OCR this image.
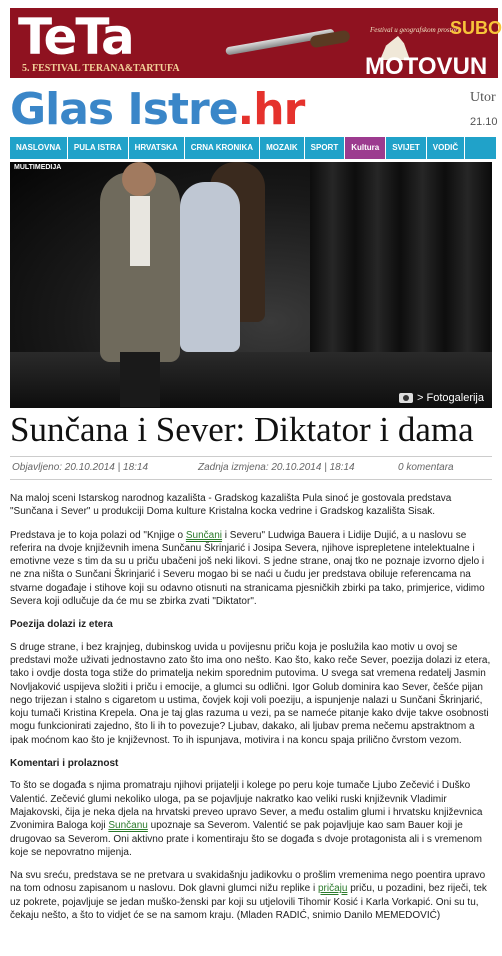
TeTa
5. FESTIVAL TERANA&TARTUFA
Festival u geografskom prostoru
SUBO
MOTOVUN 25.
Glas Istre.hr	Utor
21.10
NASLOVNA	PULA ISTRA	HRVATSKA	CRNA KRONIKA	MOZAIK	SPORT	Kultura	SVIJET	VODIČ
MULTIMEDIJA
> Fotogalerija
Sunčana i Sever: Diktator i dama
Objavljeno: 20.10.2014 | 18:14	Zadnja izmjena: 20.10.2014 | 18:14	0 komentara

Na maloj sceni Istarskog narodnog kazališta - Gradskog kazališta Pula sinoć je gostovala predstava "Sunčana i Sever" u produkciji Doma kulture Kristalna kocka vedrine i Gradskog kazališta Sisak.

Predstava je to koja polazi od "Knjige o Sunčani i Severu" Ludwiga Bauera i Lidije Dujić, a u naslovu se referira na dvoje književnih imena Sunčanu Škrinjarić i Josipa Severa, njihove isprepletene intelektualne i emotivne veze s tim da su u priču ubačeni još neki likovi. S jedne strane, onaj tko ne poznaje izvorno djelo i ne zna ništa o Sunčani Škrinjarić i Severu mogao bi se naći u čudu jer predstava obiluje referencama na stvarne događaje i stihove koji su odavno otisnuti na stranicama pjesničkih zbirki pa tako, primjerice, vidimo Severa koji odlučuje da će mu se zbirka zvati "Diktator".

Poezija dolazi iz etera

S druge strane, i bez krajnjeg, dubinskog uvida u povijesnu priču koja je poslužila kao motiv u ovoj se predstavi može uživati jednostavno zato što ima ono nešto. Kao što, kako reče Sever, poezija dolazi iz etera, tako i ovdje dosta toga stiže do primatelja nekim sporednim putovima. U svega sat vremena redatelj Jasmin Novljaković uspijeva složiti i priču i emocije, a glumci su odlični. Igor Golub dominira kao Sever, češće pijan nego trijezan i stalno s cigaretom u ustima, čovjek koji voli poeziju, a ispunjenje nalazi u Sunčani Škrinjarić, koju tumači Kristina Krepela. Ona je taj glas razuma u vezi, pa se nameće pitanje kako dvije takve osobnosti mogu funkcionirati zajedno, što li ih to povezuje? Ljubav, dakako, ali ljubav prema nečemu apstraktnom a ipak moćnom kao što je književnost. To ih ispunjava, motivira i na koncu spaja prilično čvrstom vezom.

Komentari i prolaznost

To što se događa s njima promatraju njihovi prijatelji i kolege po peru koje tumače Ljubo Zečević i Duško Valentić. Zečević glumi nekoliko uloga, pa se pojavljuje nakratko kao veliki ruski književnik Vladimir Majakovski, čija je neka djela na hrvatski preveo upravo Sever, a među ostalim glumi i hrvatsku književnica Zvonimira Baloga koji Sunčanu upoznaje sa Severom. Valentić se pak pojavljuje kao sam Bauer koji je drugovao sa Severom. Oni aktivno prate i komentiraju što se događa s dvoje protagonista ali i s vremenom koje se nepovratno mijenja.

Na svu sreću, predstava se ne pretvara u svakidašnju jadikovku o prošlim vremenima nego poentira upravo na tom odnosu zapisanom u naslovu. Dok glavni glumci nižu replike i pričaju priču, u pozadini, bez riječi, tek uz pokrete, pojavljuje se jedan muško-ženski par koji su utjelovili Tihomir Kosić i Karla Vorkapić. Oni su tu, čekaju nešto, a što to vidjet će se na samom kraju. (Mladen RADIĆ, snimio Danilo MEMEDOVIĆ)
